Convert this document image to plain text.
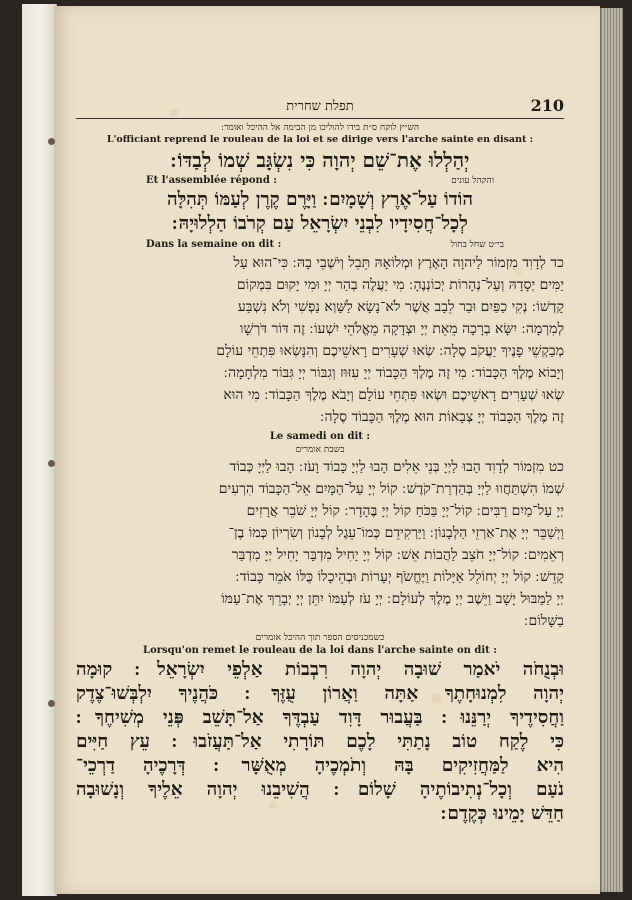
תפלת שחרית	210
הש״ץ לוקח ס״ת בידו להוליכו מן הבימה אל ההיכל ואומר:
L'officiant reprend le rouleau de la loi et se dirige vers l'arche sainte en disant :
יְהַלְלוּ אֶת־שֵׁם יְהוָה כִּי נִשְׂגָּב שְׁמוֹ לְבַדּוֹ ׃
Et l'assemblée répond :	והקהל עונים
הוֹדוֹ עַל־אֶרֶץ וְשָׁמָיִם ׃ וַיָּרֶם קֶרֶן לְעַמּוֹ תְּהִלָּה
לְכָל־חֲסִידָיו לִבְנֵי יִשְׂרָאֵל עַם קְרֹבוֹ הַלְלוּיָהּ ׃
Dans la semaine on dit :	בי״ט שחל בחול
כד לְדָוִד מִזְמוֹר לַיהוָה הָאָרֶץ וּמְלוֹאָהּ תֵּבֵל וְיֹשְׁבֵי בָהּ ׃ כִּי־הוּא עַל
יַמִּים יְסָדָהּ וְעַל־נְהָרוֹת יְכוֹנְנֶהָ ׃ מִי יַעֲלֶה בְהַר יְיָ וּמִי יָקוּם בִּמְקוֹם
קָדְשׁוֹ ׃ נְקִי כַפַּיִם וּבַר לֵבָב אֲשֶׁר לֹא־נָשָׂא לַשָּׁוְא נַפְשִׁי וְלֹא נִשְׁבַּע
לְמִרְמָה ׃ יִשָּׂא בְרָכָה מֵאֵת יְיָ וּצְדָקָה מֵאֱלֹהֵי יִשְׁעוֹ ׃ זֶה דּוֹר דֹּרְשָׁו
מְבַקְשֵׁי פָנֶיךָ יַעֲקֹב סֶלָה ׃ שְׂאוּ שְׁעָרִים רָאשֵׁיכֶם וְהִנָּשְׂאוּ פִּתְחֵי עוֹלָם
וְיָבוֹא מֶלֶךְ הַכָּבוֹד ׃ מִי זֶה מֶלֶךְ הַכָּבוֹד יְיָ עִזּוּז וְגִבּוֹר יְיָ גִּבּוֹר מִלְחָמָה ׃
שְׂאוּ שְׁעָרִים רָאשֵׁיכֶם וּשְׂאוּ פִּתְחֵי עוֹלָם וְיָבֹא מֶלֶךְ הַכָּבוֹד ׃ מִי הוּא
זֶה מֶלֶךְ הַכָּבוֹד יְיָ צְבָאוֹת הוּא מֶלֶךְ הַכָּבוֹד סֶלָה ׃
Le samedi on dit :
בשבת אומרים
כט מִזְמוֹר לְדָוִד הָבוּ לַיְיָ בְּנֵי אֵלִים הָבוּ לַיְיָ כָּבוֹד וָעֹז ׃ הָבוּ לַיְיָ כְּבוֹד
שְׁמוֹ הִשְׁתַּחֲווּ לַיְיָ בְּהַדְרַת־קֹדֶשׁ ׃ קוֹל יְיָ עַל־הַמָּיִם אֵל־הַכָּבוֹד הִרְעִים
יְיָ עַל־מַיִם רַבִּים ׃ קוֹל־יְיָ בַּכֹּחַ קוֹל יְיָ בֶּהָדָר ׃ קוֹל יְיָ שֹׁבֵר אֲרָזִים
וַיְשַׁבֵּר יְיָ אֶת־אַרְזֵי הַלְּבָנוֹן ׃ וַיַּרְקִידֵם כְּמוֹ־עֵגֶל לְבָנוֹן וְשִׂרְיוֹן כְּמוֹ בֶן־
רְאֵמִים ׃ קוֹל־יְיָ חֹצֵב לַהֲבוֹת אֵשׁ ׃ קוֹל יְיָ יָחִיל מִדְבָּר יָחִיל יְיָ מִדְבַּר
קָדֵשׁ ׃ קוֹל יְיָ יְחוֹלֵל אַיָּלוֹת וַיֶּחֱשֹׂף יְעָרוֹת וּבְהֵיכָלוֹ כֻּלּוֹ אֹמֵר כָּבוֹד ׃
יְיָ לַמַּבּוּל יָשָׁב וַיֵּשֶׁב יְיָ מֶלֶךְ לְעוֹלָם ׃ יְיָ עֹז לְעַמּוֹ יִתֵּן יְיָ יְבָרֵךְ אֶת־עַמּוֹ
בַשָּׁלוֹם ׃
כשמכניסים הספר תוך ההיכל אומרים
Lorsqu'on remet le rouleau de la loi dans l'arche sainte on dit :
וּבְנֻחֹה יֹאמַר שׁוּבָה יְהוָה רִבְבוֹת אַלְפֵי יִשְׂרָאֵל ׃ קוּמָה
יְהוָה לִמְנוּחָתֶךָ אַתָּה וַאֲרוֹן עֻזֶּךָ ׃ כֹּהֲנֶיךָ יִלְבְּשׁוּ־צֶדֶק
וַחֲסִידֶיךָ יְרַנֵּנוּ ׃ בַּעֲבוּר דָּוִד עַבְדֶּךָ אַל־תָּשֵׁב פְּנֵי מְשִׁיחֶךָ ׃
כִּי לֶקַח טוֹב נָתַתִּי לָכֶם תּוֹרָתִי אַל־תַּעֲזֹבוּ ׃ עֵץ חַיִּים
הִיא לַמַּחֲזִיקִים בָּהּ וְתֹמְכֶיהָ מְאֻשָּׁר ׃ דְּרָכֶיהָ דַרְכֵי־
נֹעַם וְכָל־נְתִיבוֹתֶיהָ שָׁלוֹם ׃ הֲשִׁיבֵנוּ יְהוָה אֵלֶיךָ וְנָשׁוּבָה
חַדֵּשׁ יָמֵינוּ כְּקֶדֶם ׃
